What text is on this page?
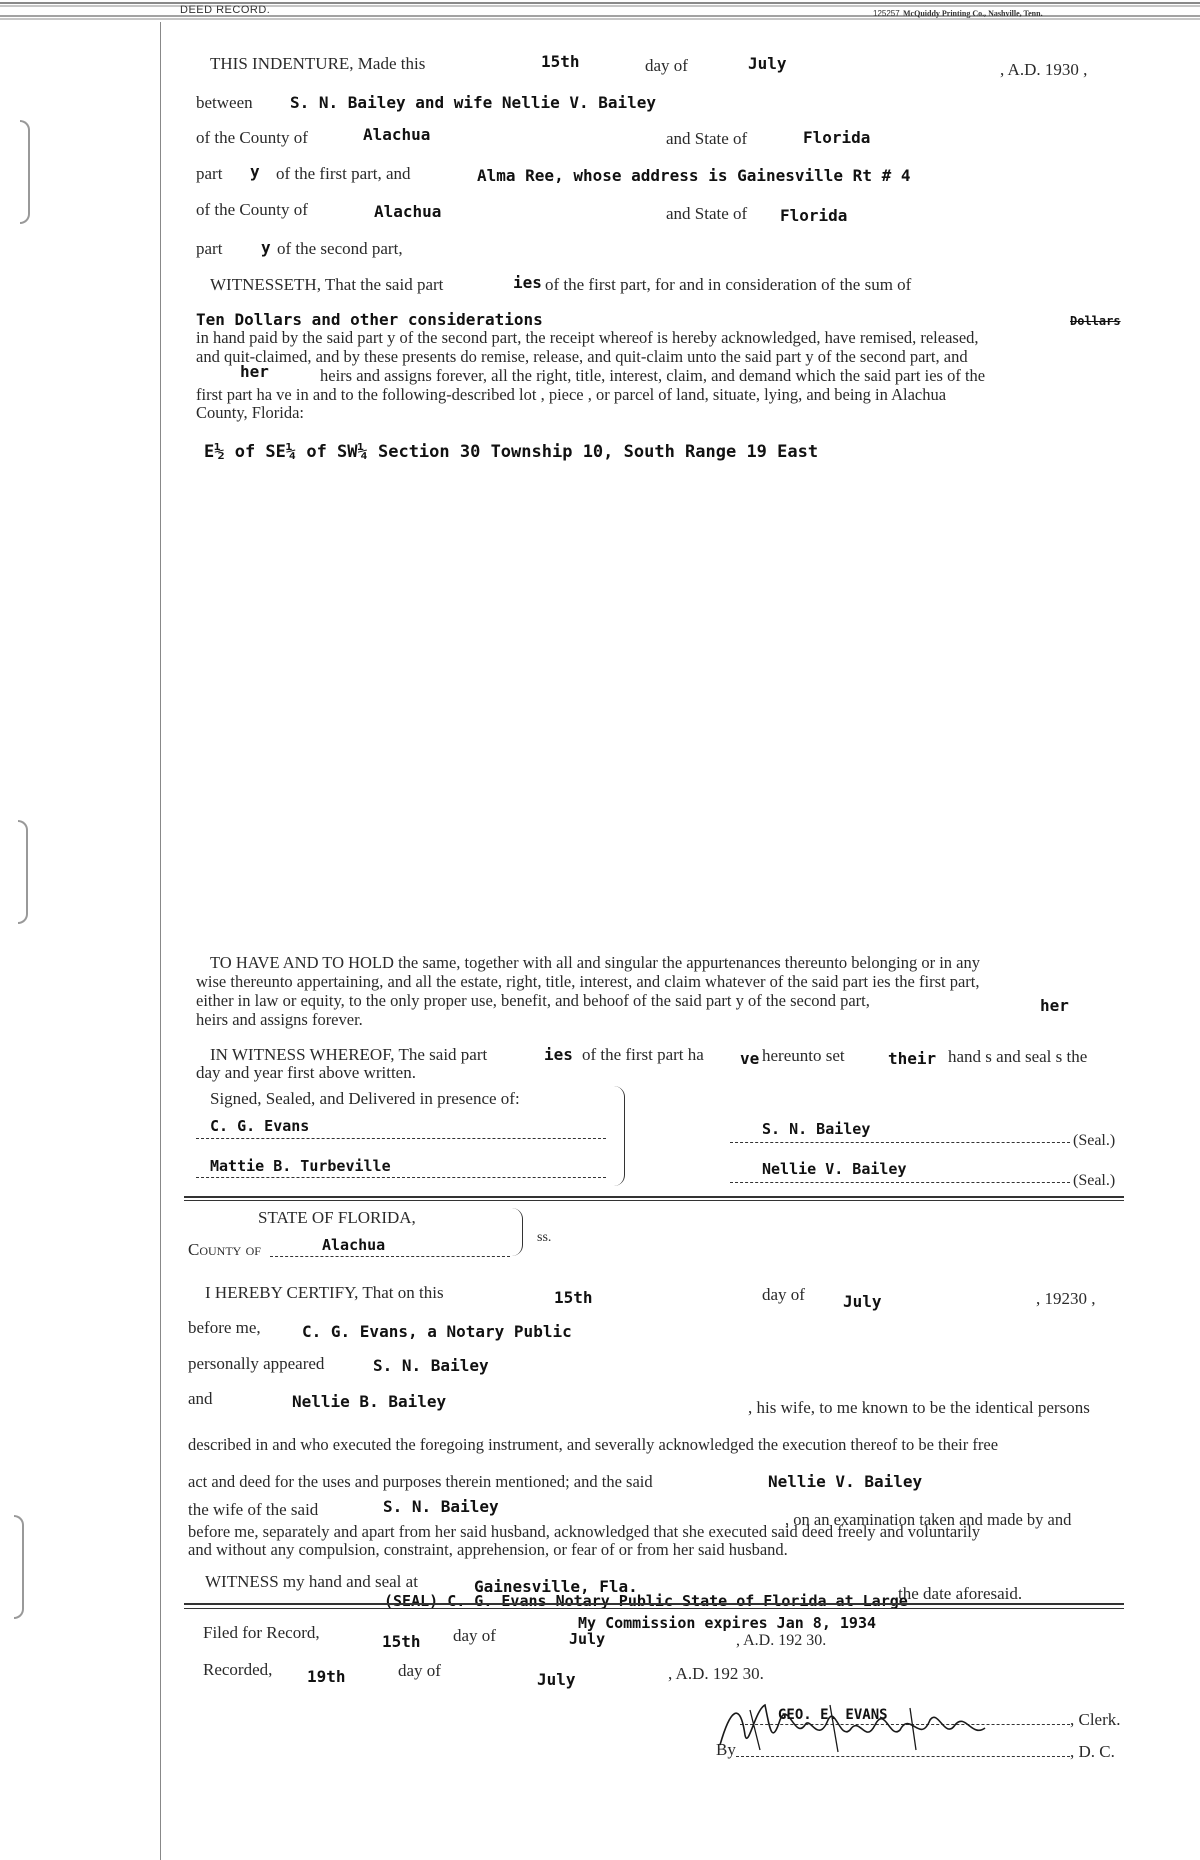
DEED RECORD.	125257 McQuiddy Printing Co., Nashville, Tenn.
THIS INDENTURE, Made this	15th	day of	July	, A.D. 1930 ,
between S. N. Bailey and wife Nellie V. Bailey
of the County of	Alachua	and State of	Florida
part y of the first part, and	Alma Ree, whose address is Gainesville Rt # 4
of the County of	Alachua	and State of Florida
part y of the second part,
WITNESSETH, That the said part	ies of the first part, for and in consideration of the sum of
Ten Dollars and other considerations	Dollars
in hand paid by the said part y of the second part, the receipt whereof is hereby acknowledged, have remised, released,
and quit-claimed, and by these presents do remise, release, and quit-claim unto the said part y of the second part, and
her	heirs and assigns forever, all the right, title, interest, claim, and demand which the said part ies of the
first part ha ve in and to the following-described lot , piece , or parcel of land, situate, lying, and being in Alachua
County, Florida:
E½ of SE¼ of SW¼ Section 30 Township 10, South Range 19 East
TO HAVE AND TO HOLD the same, together with all and singular the appurtenances thereunto belonging or in any
wise thereunto appertaining, and all the estate, right, title, interest, and claim whatever of the said part ies the first part,
either in law or equity, to the only proper use, benefit, and behoof of the said part y of the second part,	her
heirs and assigns forever.
IN WITNESS WHEREOF, The said part	ies of the first part ha ve hereunto set	their hand s and seal s the
day and year first above written.
Signed, Sealed, and Delivered in presence of:
C. G. Evans
Mattie B. Turbeville
S. N. Bailey
(Seal.)
Nellie V. Bailey
(Seal.)
STATE OF FLORIDA,
County of	Alachua	ss.
I HEREBY CERTIFY, That on this	15th	day of July	, 19230 ,
before me,	C. G. Evans, a Notary Public
personally appeared	S. N. Bailey
and	Nellie B. Bailey	, his wife, to me known to be the identical persons
described in and who executed the foregoing instrument, and severally acknowledged the execution thereof to be their free
act and deed for the uses and purposes therein mentioned; and the said	Nellie V. Bailey
the wife of the said	S. N. Bailey
, on an examination taken and made by and
before me, separately and apart from her said husband, acknowledged that she executed said deed freely and voluntarily
and without any compulsion, constraint, apprehension, or fear of or from her said husband.
WITNESS my hand and seal at	Gainesville, Fla.	the date aforesaid.
(SEAL) C. G. Evans Notary Public State of Florida at Large
Filed for Record,	15th day of
My Commission expires Jan 8, 1934
July	, A.D. 192 30.
Recorded, 19th	day of	July	, A.D. 192 30.
GEO. E. EVANS	, Clerk.
By	, D. C.
